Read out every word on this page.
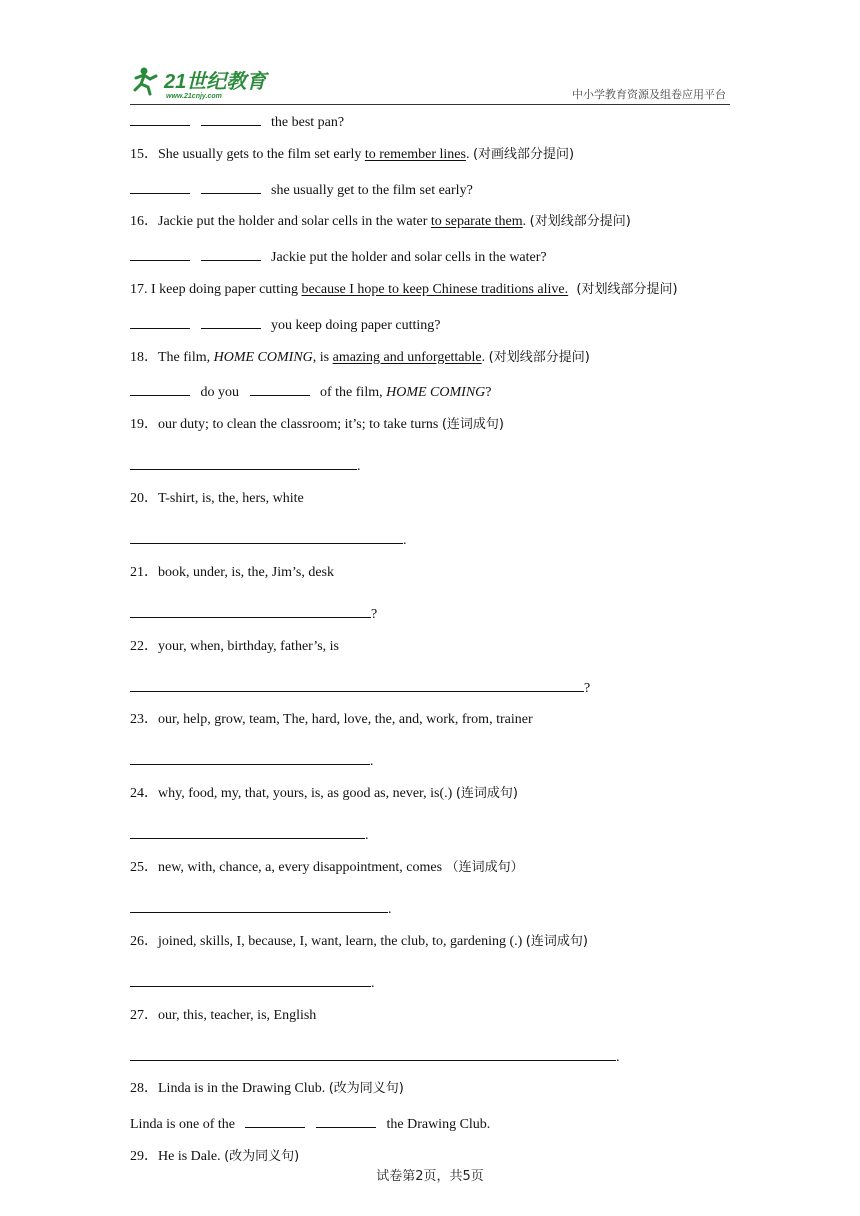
21世纪教育
www.21cnjy.com	中小学教育资源及组卷应用平台
the best pan?
15．She usually gets to the film set early to remember lines. (对画线部分提问)
she usually get to the film set early?
16．Jackie put the holder and solar cells in the water to separate them. (对划线部分提问)
Jackie put the holder and solar cells in the water?
17. I keep doing paper cutting because I hope to keep Chinese traditions alive.  (对划线部分提问)
you keep doing paper cutting?
18．The film, HOME COMING, is amazing and unforgettable. (对划线部分提问)
do you	of the film, HOME COMING?
19．our duty; to clean the classroom; it’s; to take turns (连词成句)
.
20．T-shirt, is, the, hers, white
.
21．book, under, is, the, Jim’s, desk
?
22．your, when, birthday, father’s, is
?
23．our, help, grow, team, The, hard, love, the, and, work, from, trainer
.
24．why, food, my, that, yours, is, as good as, never, is(.) (连词成句)
.
25．new, with, chance, a, every disappointment, comes （连词成句）
.
26．joined, skills, I, because, I, want, learn, the club, to, gardening (.) (连词成句)
.
27．our, this, teacher, is, English
.
28．Linda is in the Drawing Club. (改为同义句)
Linda is one of the	the Drawing Club.
29．He is Dale. (改为同义句)
试卷第2页，共5页
